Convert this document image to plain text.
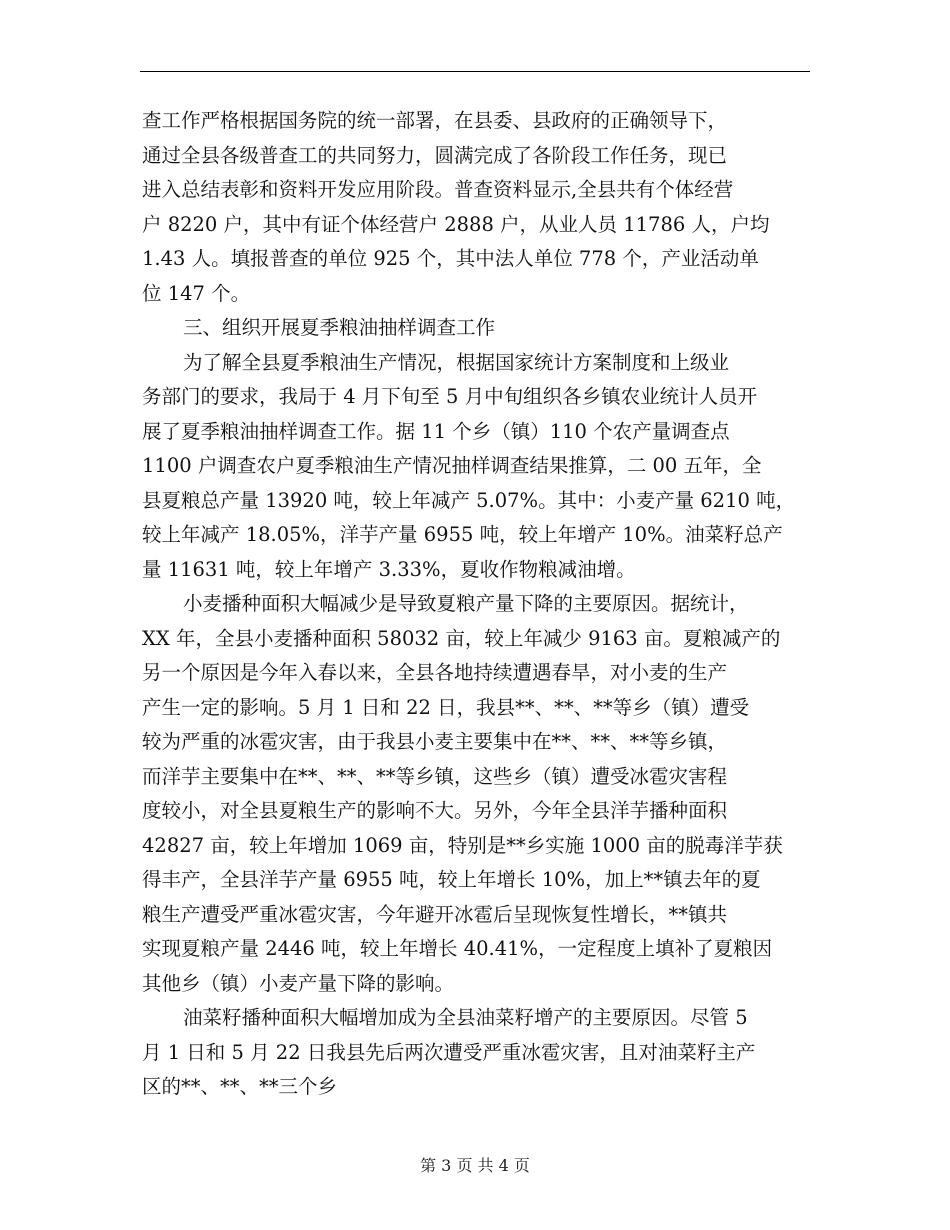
查工作严格根据国务院的统一部署，在县委、县政府的正确领导下，
通过全县各级普查工的共同努力，圆满完成了各阶段工作任务，现已
进入总结表彰和资料开发应用阶段。普查资料显示,全县共有个体经营
户 8220 户，其中有证个体经营户 2888 户，从业人员 11786 人，户均
1.43 人。填报普查的单位 925 个，其中法人单位 778 个，产业活动单
位 147 个。
三、组织开展夏季粮油抽样调查工作
为了解全县夏季粮油生产情况，根据国家统计方案制度和上级业
务部门的要求，我局于 4 月下旬至 5 月中旬组织各乡镇农业统计人员开
展了夏季粮油抽样调查工作。据 11 个乡（镇）110 个农产量调查点
1100 户调查农户夏季粮油生产情况抽样调查结果推算，二 00 五年，全
县夏粮总产量 13920 吨，较上年减产 5.07%。其中：小麦产量 6210 吨，
较上年减产 18.05%，洋芋产量 6955 吨，较上年增产 10%。油菜籽总产
量 11631 吨，较上年增产 3.33%，夏收作物粮减油增。
小麦播种面积大幅减少是导致夏粮产量下降的主要原因。据统计，
XX 年，全县小麦播种面积 58032 亩，较上年减少 9163 亩。夏粮减产的
另一个原因是今年入春以来，全县各地持续遭遇春旱，对小麦的生产
产生一定的影响。5 月 1 日和 22 日，我县**、**、**等乡（镇）遭受
较为严重的冰雹灾害，由于我县小麦主要集中在**、**、**等乡镇，
而洋芋主要集中在**、**、**等乡镇，这些乡（镇）遭受冰雹灾害程
度较小，对全县夏粮生产的影响不大。另外，今年全县洋芋播种面积
42827 亩，较上年增加 1069 亩，特别是**乡实施 1000 亩的脱毒洋芋获
得丰产，全县洋芋产量 6955 吨，较上年增长 10%，加上**镇去年的夏
粮生产遭受严重冰雹灾害，今年避开冰雹后呈现恢复性增长，**镇共
实现夏粮产量 2446 吨，较上年增长 40.41%，一定程度上填补了夏粮因
其他乡（镇）小麦产量下降的影响。
油菜籽播种面积大幅增加成为全县油菜籽增产的主要原因。尽管 5
月 1 日和 5 月 22 日我县先后两次遭受严重冰雹灾害，且对油菜籽主产
区的**、**、**三个乡
第 3 页 共 4 页
